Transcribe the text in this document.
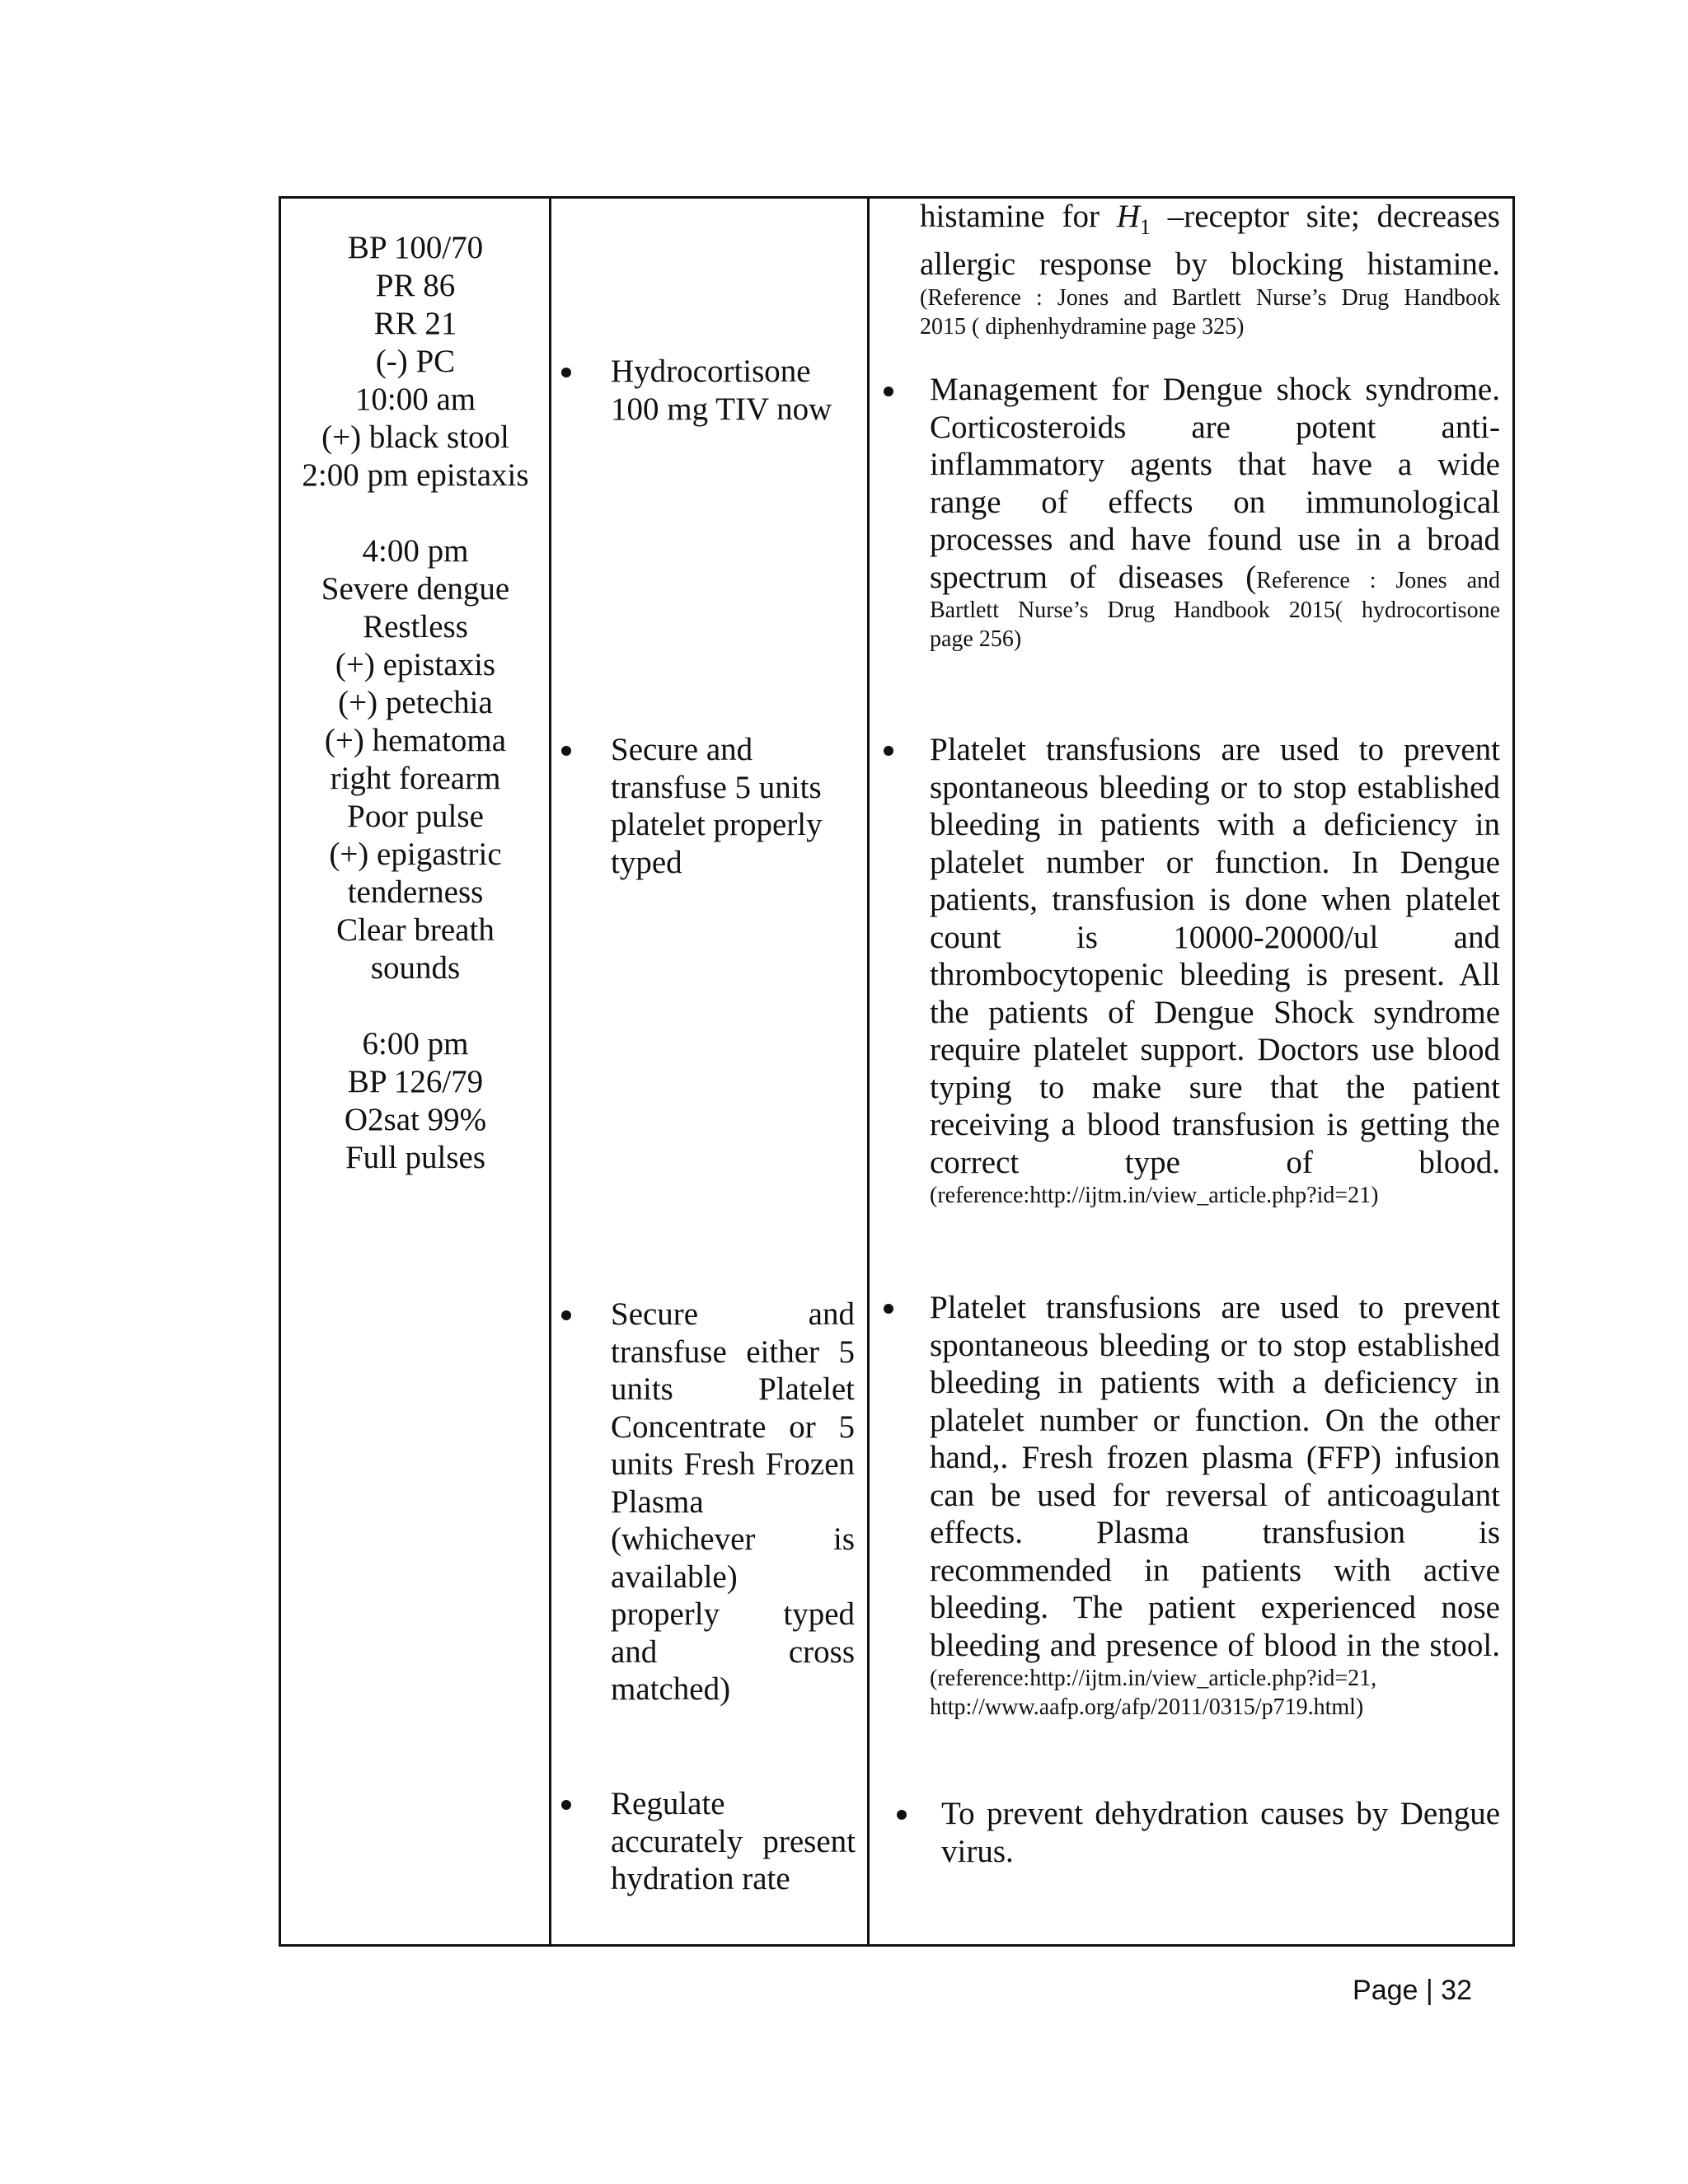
BP 100/70
PR 86
RR 21
(-) PC
10:00 am
(+) black stool
2:00 pm epistaxis
4:00 pm
Severe dengue
Restless
(+) epistaxis
(+) petechia
(+) hematoma
right forearm
Poor pulse
(+) epigastric
tenderness
Clear breath
sounds
6:00 pm
BP 126/79
O2sat 99%
Full pulses
Hydrocortisone
100 mg TIV now
Secure and
transfuse 5 units
platelet properly
typed
Secure and
transfuse either 5
units Platelet
Concentrate or 5
units Fresh Frozen
Plasma
(whichever is
available)
properly typed
and cross
matched)
Regulate
accurately present
hydration rate
histamine for $H_1$ –receptor site; decreases
allergic response by blocking histamine.
(Reference : Jones and Bartlett Nurse’s Drug Handbook
2015 ( diphenhydramine page 325)
Management for Dengue shock syndrome.
Corticosteroids are potent anti-
inflammatory agents that have a wide
range of effects on immunological
processes and have found use in a broad
spectrum of diseases (Reference : Jones and
Bartlett Nurse’s Drug Handbook 2015( hydrocortisone
page 256)
Platelet transfusions are used to prevent
spontaneous bleeding or to stop established
bleeding in patients with a deficiency in
platelet number or function. In Dengue
patients, transfusion is done when platelet
count is 10000-20000/ul and
thrombocytopenic bleeding is present. All
the patients of Dengue Shock syndrome
require platelet support. Doctors use blood
typing to make sure that the patient
receiving a blood transfusion is getting the
correct type of blood.
(reference:http://ijtm.in/view_article.php?id=21)
Platelet transfusions are used to prevent
spontaneous bleeding or to stop established
bleeding in patients with a deficiency in
platelet number or function. On the other
hand,. Fresh frozen plasma (FFP) infusion
can be used for reversal of anticoagulant
effects. Plasma transfusion is
recommended in patients with active
bleeding. The patient experienced nose
bleeding and presence of blood in the stool.
(reference:http://ijtm.in/view_article.php?id=21,
http://www.aafp.org/afp/2011/0315/p719.html)
To prevent dehydration causes by Dengue
virus.
Page | 32
